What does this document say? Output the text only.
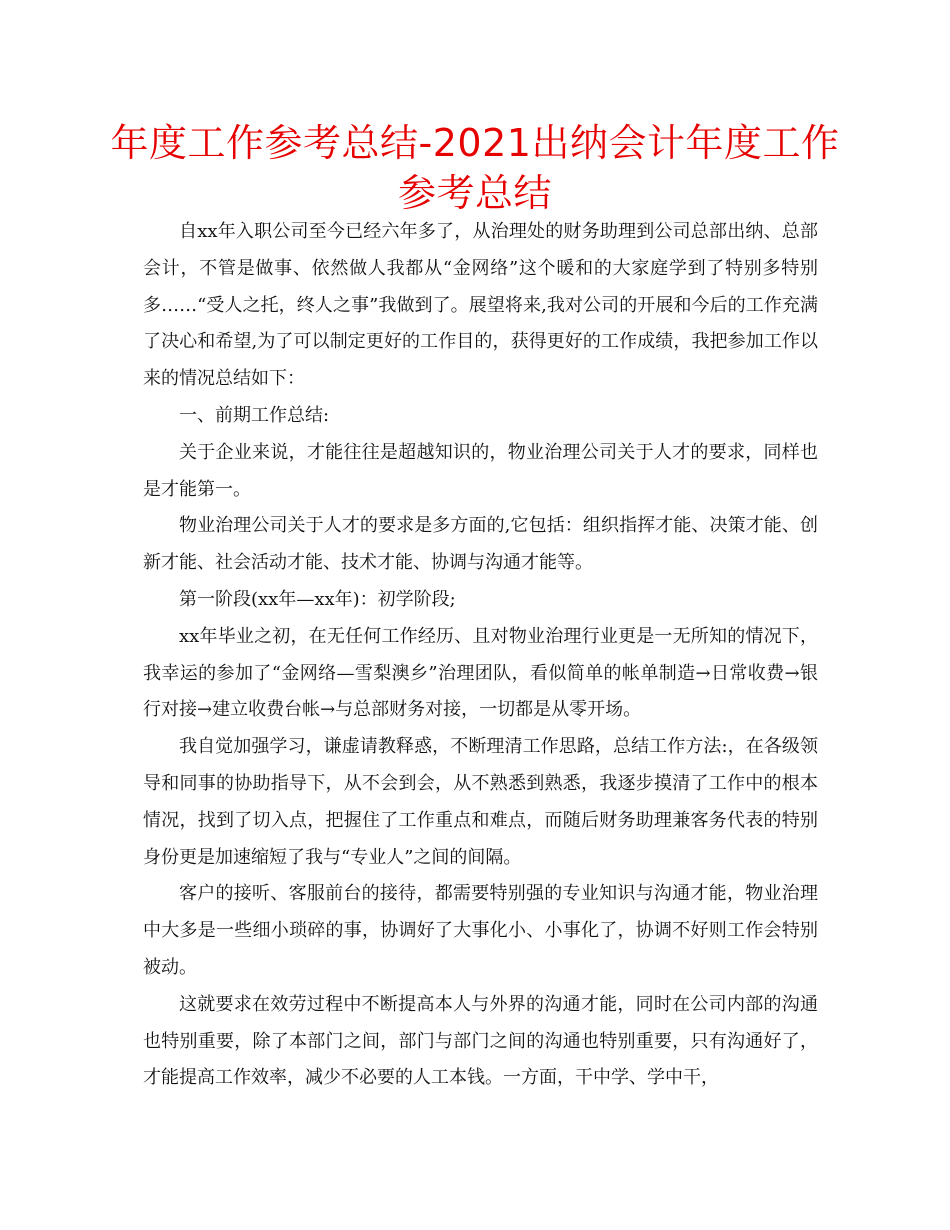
年度工作参考总结-2021出纳会计年度工作参考总结

自xx年入职公司至今已经六年多了，从治理处的财务助理到公司总部出纳、总部会计，不管是做事、依然做人我都从“金网络”这个暖和的大家庭学到了特别多特别多……“受人之托，终人之事”我做到了。展望将来,我对公司的开展和今后的工作充满了决心和希望,为了可以制定更好的工作目的，获得更好的工作成绩，我把参加工作以来的情况总结如下：

一、前期工作总结:

关于企业来说，才能往往是超越知识的，物业治理公司关于人才的要求，同样也是才能第一。

物业治理公司关于人才的要求是多方面的,它包括：组织指挥才能、决策才能、创新才能、社会活动才能、技术才能、协调与沟通才能等。

第一阶段(xx年—xx年)：初学阶段;

xx年毕业之初，在无任何工作经历、且对物业治理行业更是一无所知的情况下，我幸运的参加了“金网络—雪梨澳乡”治理团队，看似简单的帐单制造→日常收费→银行对接→建立收费台帐→与总部财务对接，一切都是从零开场。

我自觉加强学习，谦虚请教释惑，不断理清工作思路，总结工作方法:，在各级领导和同事的协助指导下，从不会到会，从不熟悉到熟悉，我逐步摸清了工作中的根本情况，找到了切入点，把握住了工作重点和难点，而随后财务助理兼客务代表的特别身份更是加速缩短了我与“专业人”之间的间隔。

客户的接听、客服前台的接待，都需要特别强的专业知识与沟通才能，物业治理中大多是一些细小琐碎的事，协调好了大事化小、小事化了，协调不好则工作会特别被动。

这就要求在效劳过程中不断提高本人与外界的沟通才能，同时在公司内部的沟通也特别重要，除了本部门之间，部门与部门之间的沟通也特别重要，只有沟通好了，才能提高工作效率，减少不必要的人工本钱。一方面，干中学、学中干，
